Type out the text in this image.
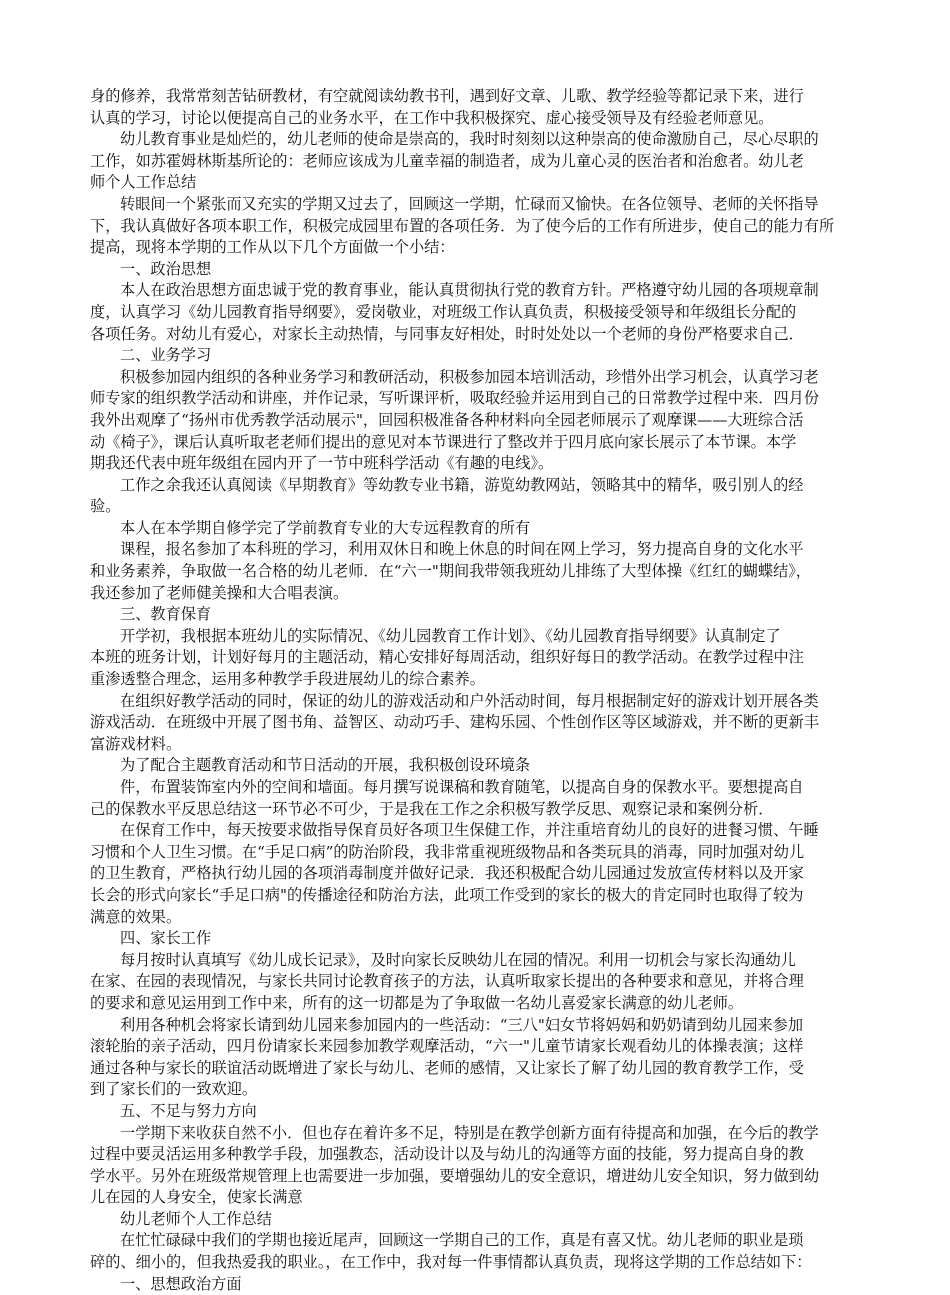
身的修养，我常常刻苦钻研教材，有空就阅读幼教书刊，遇到好文章、儿歌、教学经验等都记录下来，进行
认真的学习，讨论以便提高自己的业务水平，在工作中我积极探究、虚心接受领导及有经验老师意见。
幼儿教育事业是灿烂的，幼儿老师的使命是崇高的，我时时刻刻以这种崇高的使命激励自己，尽心尽职的
工作，如苏霍姆林斯基所论的：老师应该成为儿童幸福的制造者，成为儿童心灵的医治者和治愈者。幼儿老
师个人工作总结
转眼间一个紧张而又充实的学期又过去了，回顾这一学期，忙碌而又愉快。在各位领导、老师的关怀指导
下，我认真做好各项本职工作，积极完成园里布置的各项任务．为了使今后的工作有所进步，使自己的能力有所
提高，现将本学期的工作从以下几个方面做一个小结：
一、政治思想
本人在政治思想方面忠诚于党的教育事业，能认真贯彻执行党的教育方针。严格遵守幼儿园的各项规章制
度，认真学习《幼儿园教育指导纲要》，爱岗敬业，对班级工作认真负责，积极接受领导和年级组长分配的
各项任务。对幼儿有爱心，对家长主动热情，与同事友好相处，时时处处以一个老师的身份严格要求自己．
二、业务学习
积极参加园内组织的各种业务学习和教研活动，积极参加园本培训活动，珍惜外出学习机会，认真学习老
师专家的组织教学活动和讲座，并作记录，写听课评析，吸取经验并运用到自己的日常教学过程中来．四月份
我外出观摩了“扬州市优秀教学活动展示"，回园积极准备各种材料向全园老师展示了观摩课——大班综合活
动《椅子》，课后认真听取老老师们提出的意见对本节课进行了整改并于四月底向家长展示了本节课。本学
期我还代表中班年级组在园内开了一节中班科学活动《有趣的电线》。
工作之余我还认真阅读《早期教育》等幼教专业书籍，游览幼教网站，领略其中的精华，吸引别人的经
验。
本人在本学期自修学完了学前教育专业的大专远程教育的所有
课程，报名参加了本科班的学习，利用双休日和晚上休息的时间在网上学习，努力提高自身的文化水平
和业务素养，争取做一名合格的幼儿老师．在“六一"期间我带领我班幼儿排练了大型体操《红红的蝴蝶结》，
我还参加了老师健美操和大合唱表演。
三、教育保育
开学初，我根据本班幼儿的实际情况、《幼儿园教育工作计划》、《幼儿园教育指导纲要》认真制定了
本班的班务计划，计划好每月的主题活动，精心安排好每周活动，组织好每日的教学活动。在教学过程中注
重渗透整合理念，运用多种教学手段进展幼儿的综合素养。
在组织好教学活动的同时，保证的幼儿的游戏活动和户外活动时间，每月根据制定好的游戏计划开展各类
游戏活动．在班级中开展了图书角、益智区、动动巧手、建构乐园、个性创作区等区域游戏，并不断的更新丰
富游戏材料。
为了配合主题教育活动和节日活动的开展，我积极创设环境条
件，布置装饰室内外的空间和墙面。每月撰写说课稿和教育随笔，以提高自身的保教水平。要想提高自
己的保教水平反思总结这一环节必不可少，于是我在工作之余积极写教学反思、观察记录和案例分析．
在保育工作中，每天按要求做指导保育员好各项卫生保健工作，并注重培育幼儿的良好的进餐习惯、午睡
习惯和个人卫生习惯。在“手足口病”的防治阶段，我非常重视班级物品和各类玩具的消毒，同时加强对幼儿
的卫生教育，严格执行幼儿园的各项消毒制度并做好记录．我还积极配合幼儿园通过发放宣传材料以及开家
长会的形式向家长“手足口病"的传播途径和防治方法，此项工作受到的家长的极大的肯定同时也取得了较为
满意的效果。
四、家长工作
每月按时认真填写《幼儿成长记录》，及时向家长反映幼儿在园的情况。利用一切机会与家长沟通幼儿
在家、在园的表现情况，与家长共同讨论教育孩子的方法，认真听取家长提出的各种要求和意见，并将合理
的要求和意见运用到工作中来，所有的这一切都是为了争取做一名幼儿喜爱家长满意的幼儿老师。
利用各种机会将家长请到幼儿园来参加园内的一些活动：“三八"妇女节将妈妈和奶奶请到幼儿园来参加
滚轮胎的亲子活动，四月份请家长来园参加教学观摩活动，“六一"儿童节请家长观看幼儿的体操表演；这样
通过各种与家长的联谊活动既增进了家长与幼儿、老师的感情，又让家长了解了幼儿园的教育教学工作，受
到了家长们的一致欢迎。
五、不足与努力方向
一学期下来收获自然不小．但也存在着许多不足，特别是在教学创新方面有待提高和加强，在今后的教学
过程中要灵活运用多种教学手段，加强教态，活动设计以及与幼儿的沟通等方面的技能，努力提高自身的教
学水平。另外在班级常规管理上也需要进一步加强，要增强幼儿的安全意识，增进幼儿安全知识，努力做到幼
儿在园的人身安全，使家长满意
幼儿老师个人工作总结
在忙忙碌碌中我们的学期也接近尾声，回顾这一学期自己的工作，真是有喜又忧。幼儿老师的职业是琐
碎的、细小的，但我热爱我的职业。，在工作中，我对每一件事情都认真负责，现将这学期的工作总结如下：
一、思想政治方面
